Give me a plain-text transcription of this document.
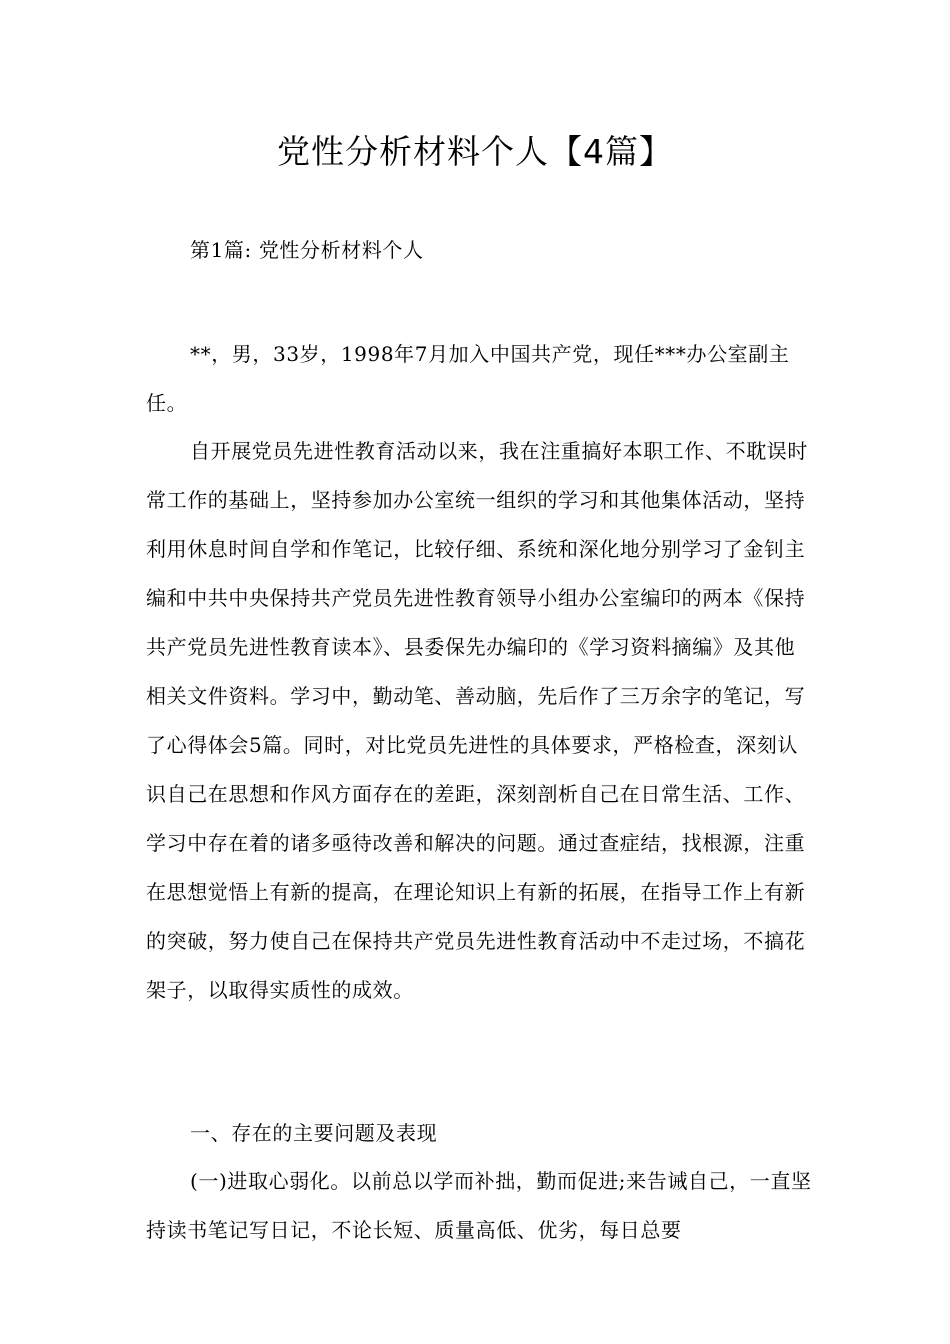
党性分析材料个人【4篇】

第1篇: 党性分析材料个人

**，男，33岁，1998年7月加入中国共产党，现任***办公室副主任。

自开展党员先进性教育活动以来，我在注重搞好本职工作、不耽误时常工作的基础上，坚持参加办公室统一组织的学习和其他集体活动，坚持利用休息时间自学和作笔记，比较仔细、系统和深化地分别学习了金钊主编和中共中央保持共产党员先进性教育领导小组办公室编印的两本《保持共产党员先进性教育读本》、县委保先办编印的《学习资料摘编》及其他相关文件资料。学习中，勤动笔、善动脑，先后作了三万余字的笔记，写了心得体会5篇。同时，对比党员先进性的具体要求，严格检查，深刻认识自己在思想和作风方面存在的差距，深刻剖析自己在日常生活、工作、学习中存在着的诸多亟待改善和解决的问题。通过查症结，找根源，注重在思想觉悟上有新的提高，在理论知识上有新的拓展，在指导工作上有新的突破，努力使自己在保持共产党员先进性教育活动中不走过场，不搞花架子，以取得实质性的成效。

一、存在的主要问题及表现

(一)进取心弱化。以前总以学而补拙，勤而促进;来告诫自己，一直坚持读书笔记写日记，不论长短、质量高低、优劣，每日总要
